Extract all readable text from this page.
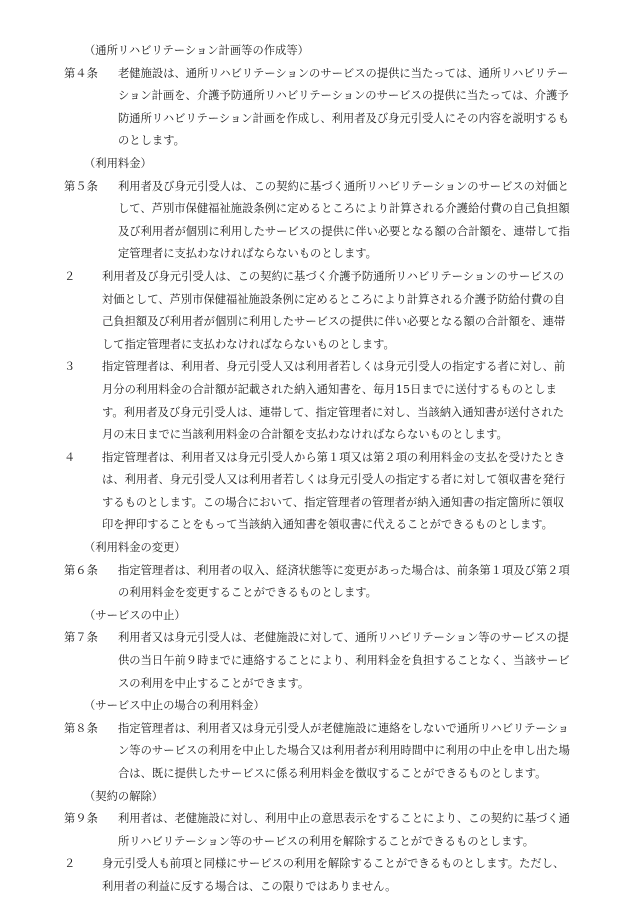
（通所リハビリテーション計画等の作成等）
第４条	老健施設は、通所リハビリテーションのサービスの提供に当たっては、通所リハビリテーション計画を、介護予防通所リハビリテーションのサービスの提供に当たっては、介護予防通所リハビリテーション計画を作成し、利用者及び身元引受人にその内容を説明するものとします。
（利用料金）
第５条	利用者及び身元引受人は、この契約に基づく通所リハビリテーションのサービスの対価として、芦別市保健福祉施設条例に定めるところにより計算される介護給付費の自己負担額及び利用者が個別に利用したサービスの提供に伴い必要となる額の合計額を、連帯して指定管理者に支払わなければならないものとします。
２	利用者及び身元引受人は、この契約に基づく介護予防通所リハビリテーションのサービスの対価として、芦別市保健福祉施設条例に定めるところにより計算される介護予防給付費の自己負担額及び利用者が個別に利用したサービスの提供に伴い必要となる額の合計額を、連帯して指定管理者に支払わなければならないものとします。
３	指定管理者は、利用者、身元引受人又は利用者若しくは身元引受人の指定する者に対し、前月分の利用料金の合計額が記載された納入通知書を、毎月15日までに送付するものとします。利用者及び身元引受人は、連帯して、指定管理者に対し、当該納入通知書が送付された月の末日までに当該利用料金の合計額を支払わなければならないものとします。
４	指定管理者は、利用者又は身元引受人から第１項又は第２項の利用料金の支払を受けたときは、利用者、身元引受人又は利用者若しくは身元引受人の指定する者に対して領収書を発行するものとします。この場合において、指定管理者の管理者が納入通知書の指定箇所に領収印を押印することをもって当該納入通知書を領収書に代えることができるものとします。
（利用料金の変更）
第６条	指定管理者は、利用者の収入、経済状態等に変更があった場合は、前条第１項及び第２項の利用料金を変更することができるものとします。
（サービスの中止）
第７条	利用者又は身元引受人は、老健施設に対して、通所リハビリテーション等のサービスの提供の当日午前９時までに連絡することにより、利用料金を負担することなく、当該サービスの利用を中止することができます。
（サービス中止の場合の利用料金）
第８条	指定管理者は、利用者又は身元引受人が老健施設に連絡をしないで通所リハビリテーション等のサービスの利用を中止した場合又は利用者が利用時間中に利用の中止を申し出た場合は、既に提供したサービスに係る利用料金を徴収することができるものとします。
（契約の解除）
第９条	利用者は、老健施設に対し、利用中止の意思表示をすることにより、この契約に基づく通所リハビリテーション等のサービスの利用を解除することができるものとします。
２	身元引受人も前項と同様にサービスの利用を解除することができるものとします。ただし、利用者の利益に反する場合は、この限りではありません。
